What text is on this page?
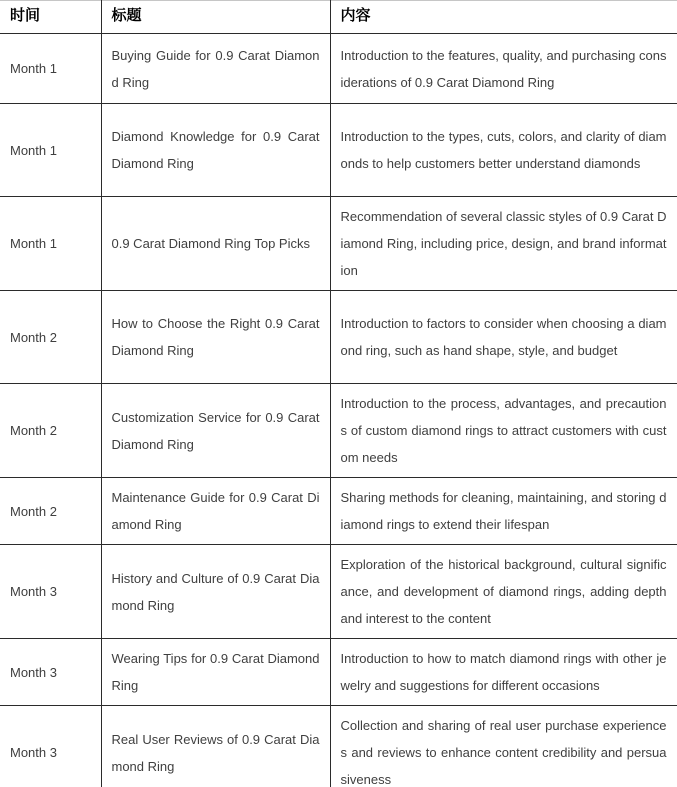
时间	标题	内容
Month 1	Buying Guide for 0.9 Carat Diamond Ring	Introduction to the features, quality, and purchasing considerations of 0.9 Carat Diamond Ring
Month 1	Diamond Knowledge for 0.9 Carat Diamond Ring	Introduction to the types, cuts, colors, and clarity of diamonds to help customers better understand diamonds
Month 1	0.9 Carat Diamond Ring Top Picks	Recommendation of several classic styles of 0.9 Carat Diamond Ring, including price, design, and brand information
Month 2	How to Choose the Right 0.9 Carat Diamond Ring	Introduction to factors to consider when choosing a diamond ring, such as hand shape, style, and budget
Month 2	Customization Service for 0.9 Carat Diamond Ring	Introduction to the process, advantages, and precautions of custom diamond rings to attract customers with custom needs
Month 2	Maintenance Guide for 0.9 Carat Diamond Ring	Sharing methods for cleaning, maintaining, and storing diamond rings to extend their lifespan
Month 3	History and Culture of 0.9 Carat Diamond Ring	Exploration of the historical background, cultural significance, and development of diamond rings, adding depth and interest to the content
Month 3	Wearing Tips for 0.9 Carat Diamond Ring	Introduction to how to match diamond rings with other jewelry and suggestions for different occasions
Month 3	Real User Reviews of 0.9 Carat Diamond Ring	Collection and sharing of real user purchase experiences and reviews to enhance content credibility and persuasiveness
